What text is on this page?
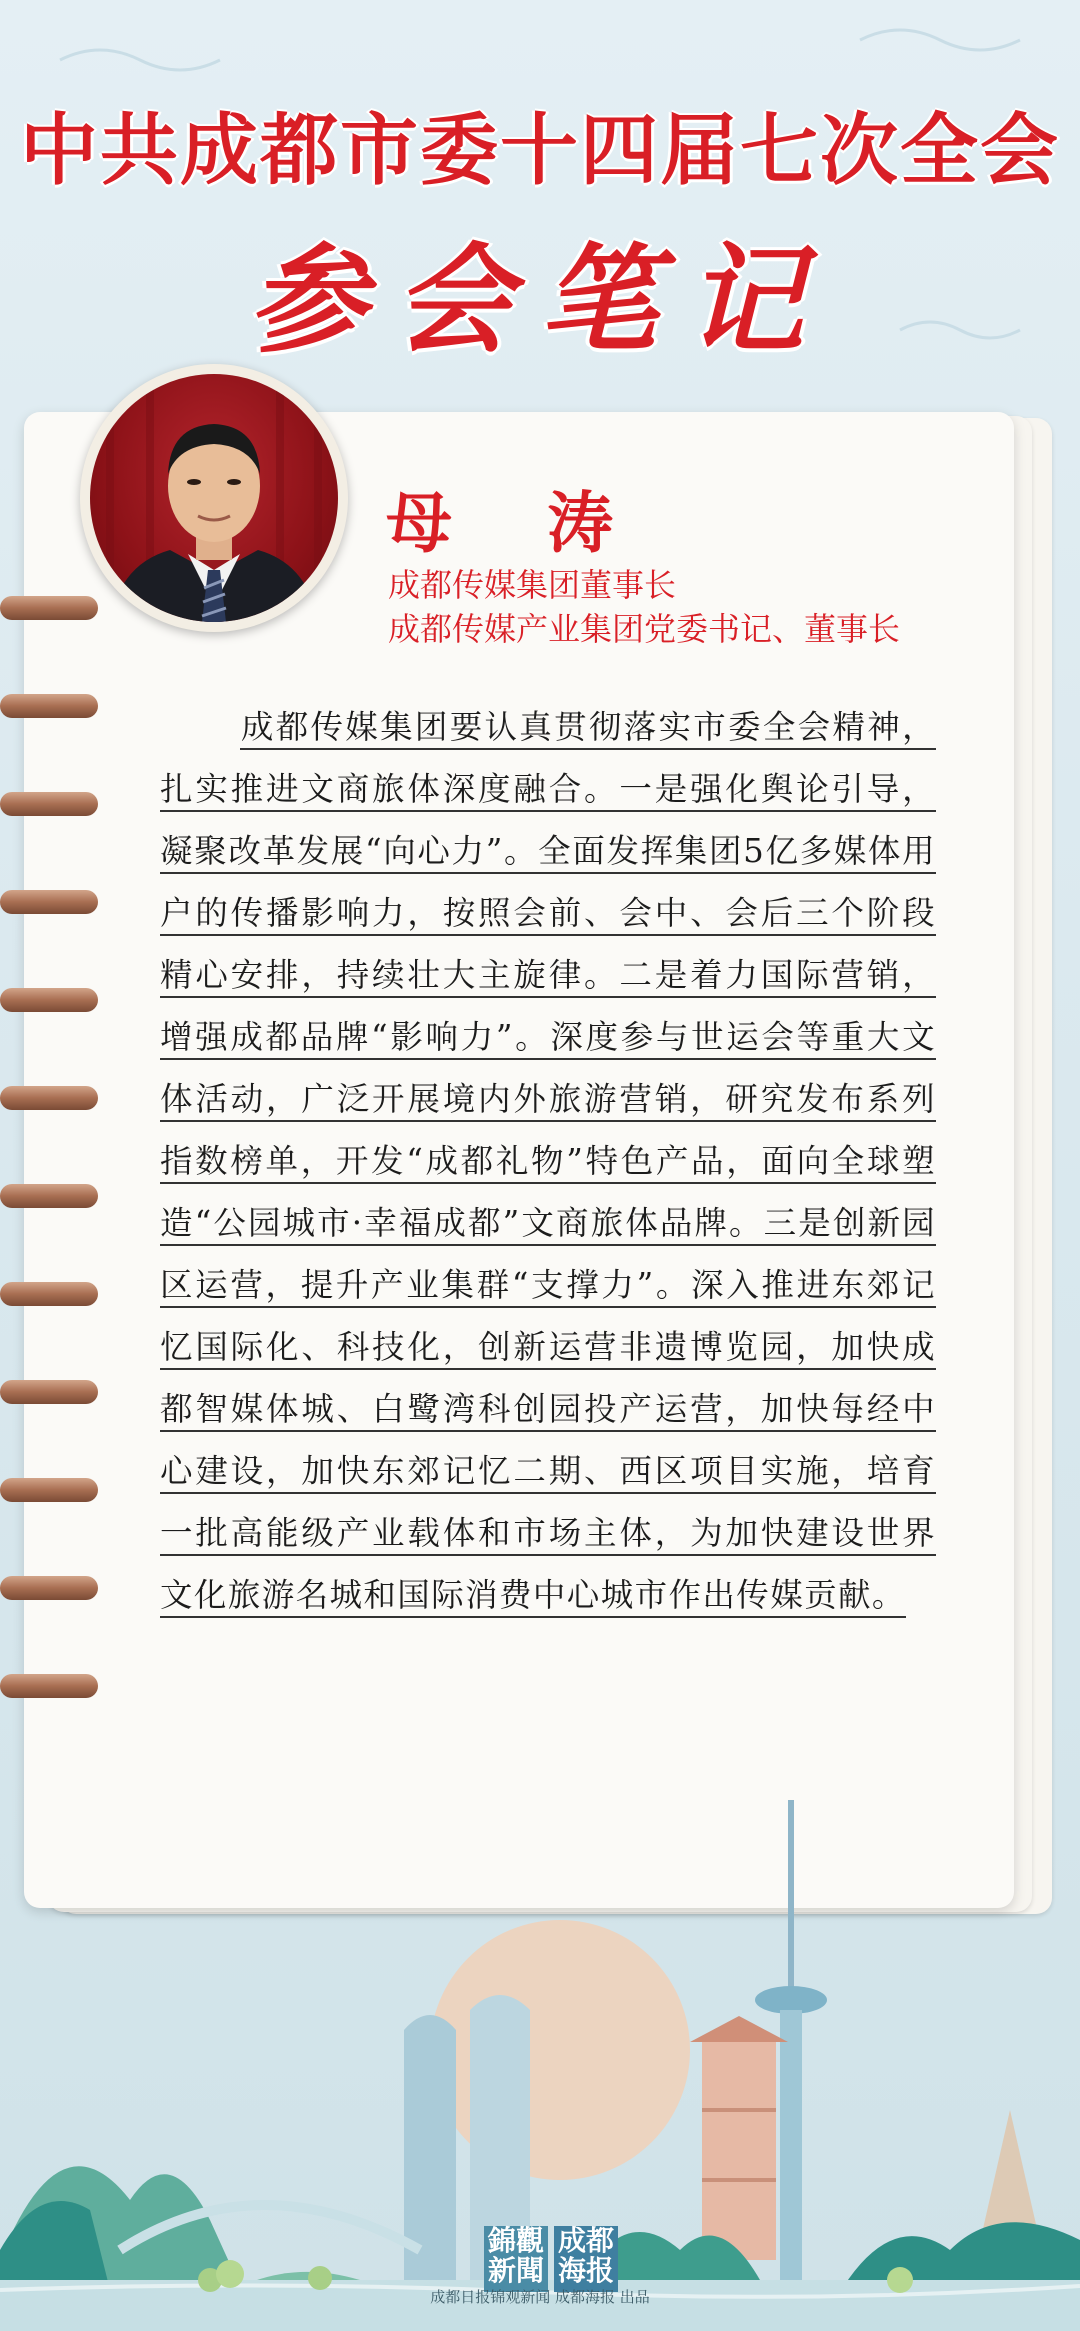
中共成都市委十四届七次全会
参会笔记
母 涛
成都传媒集团董事长
成都传媒产业集团党委书记、董事长
成都传媒集团要认真贯彻落实市委全会精神，扎实推进文商旅体深度融合。一是强化舆论引导，凝聚改革发展“向心力”。全面发挥集团5亿多媒体用户的传播影响力，按照会前、会中、会后三个阶段精心安排，持续壮大主旋律。二是着力国际营销，增强成都品牌“影响力”。深度参与世运会等重大文体活动，广泛开展境内外旅游营销，研究发布系列指数榜单，开发“成都礼物”特色产品，面向全球塑造“公园城市·幸福成都”文商旅体品牌。三是创新园区运营，提升产业集群“支撑力”。深入推进东郊记忆国际化、科技化，创新运营非遗博览园，加快成都智媒体城、白鹭湾科创园投产运营，加快每经中心建设，加快东郊记忆二期、西区项目实施，培育一批高能级产业载体和市场主体，为加快建设世界文化旅游名城和国际消费中心城市作出传媒贡献。
錦觀
新聞
成都
海报
成都日报锦观新闻 成都海报 出品
